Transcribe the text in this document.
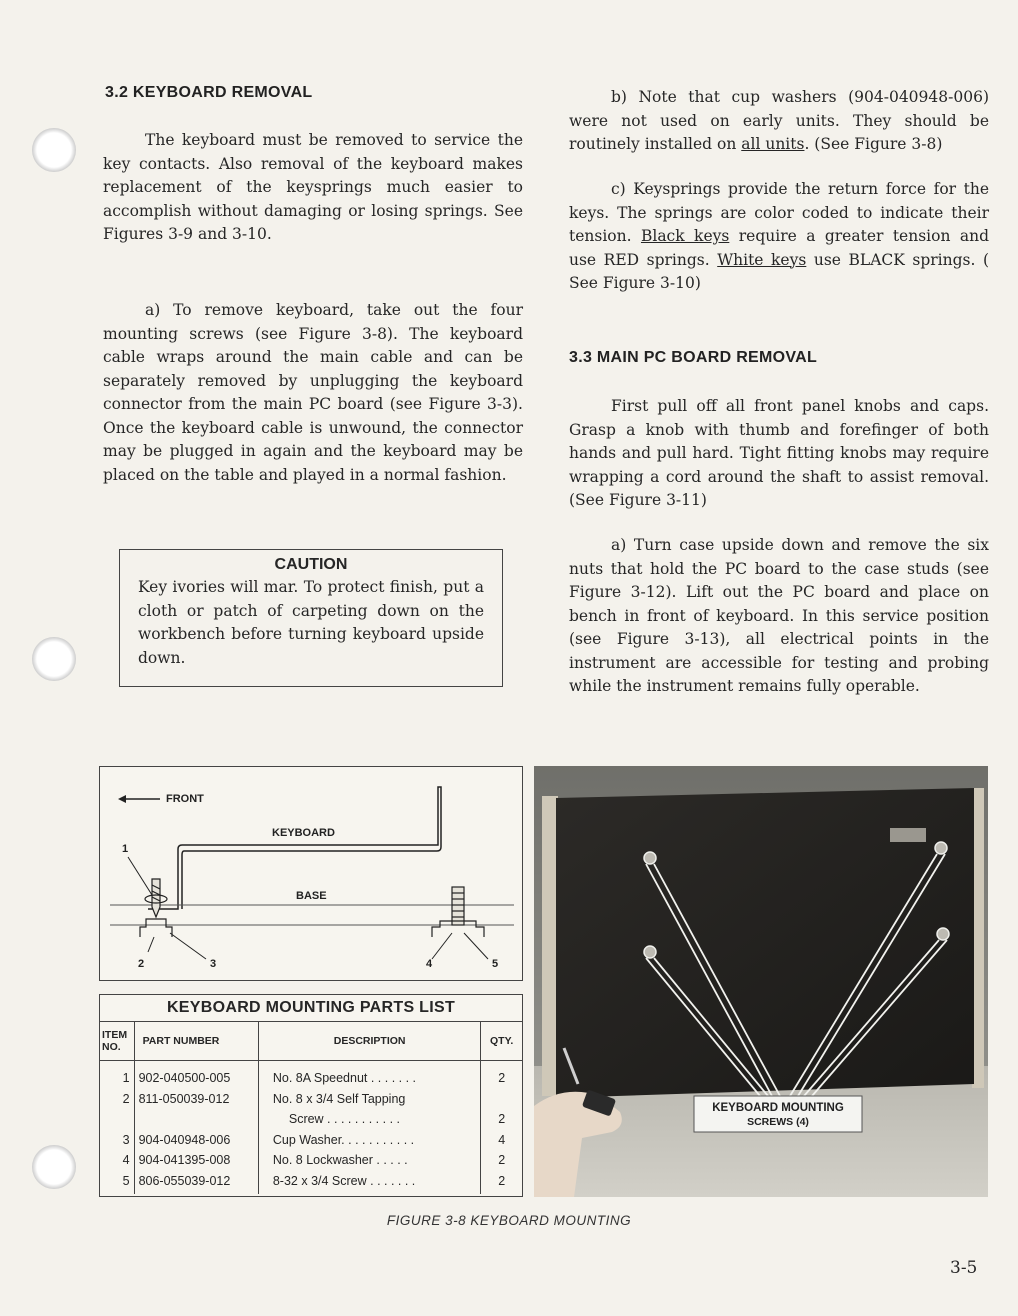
3.2 KEYBOARD REMOVAL

The keyboard must be removed to service the key contacts. Also removal of the keyboard makes replacement of the keysprings much easier to accomplish without damaging or losing springs. See Figures 3-9 and 3-10.

a) To remove keyboard, take out the four mounting screws (see Figure 3-8). The keyboard cable wraps around the main cable and can be separately removed by unplugging the keyboard connector from the main PC board (see Figure 3-3). Once the keyboard cable is unwound, the connector may be plugged in again and the keyboard may be placed on the table and played in a normal fashion.

CAUTION
Key ivories will mar. To protect finish, put a cloth or patch of carpeting down on the workbench before turning keyboard upside down.

b) Note that cup washers (904-040948-006) were not used on early units. They should be routinely installed on all units. (See Figure 3-8)

c) Keysprings provide the return force for the keys. The springs are color coded to indicate their tension. Black keys require a greater tension and use RED springs. White keys use BLACK springs. ( See Figure 3-10)

3.3 MAIN PC BOARD REMOVAL

First pull off all front panel knobs and caps. Grasp a knob with thumb and forefinger of both hands and pull hard. Tight fitting knobs may require wrapping a cord around the shaft to assist removal. (See Figure 3-11)

a) Turn case upside down and remove the six nuts that hold the PC board to the case studs (see Figure 3-12). Lift out the PC board and place on bench in front of keyboard. In this service position (see Figure 3-13), all electrical points in the instrument are accessible for testing and probing while the instrument remains fully operable.

FRONT
KEYBOARD
BASE
1
2	3	4	5
KEYBOARD MOUNTING PARTS LIST
ITEM
NO.	PART NUMBER	DESCRIPTION	QTY.
1	902-040500-005	No. 8A Speednut . . . . . . .	2
2	811-050039-012	No. 8 x 3/4 Self Tapping	
		Screw . . . . . . . . . . .	2
3	904-040948-006	Cup Washer. . . . . . . . . . .	4
4	904-041395-008	No. 8 Lockwasher . . . . .	2
5	806-055039-012	8-32 x 3/4 Screw . . . . . . .	2
KEYBOARD MOUNTING
SCREWS (4)
FIGURE 3-8 KEYBOARD MOUNTING
3-5
